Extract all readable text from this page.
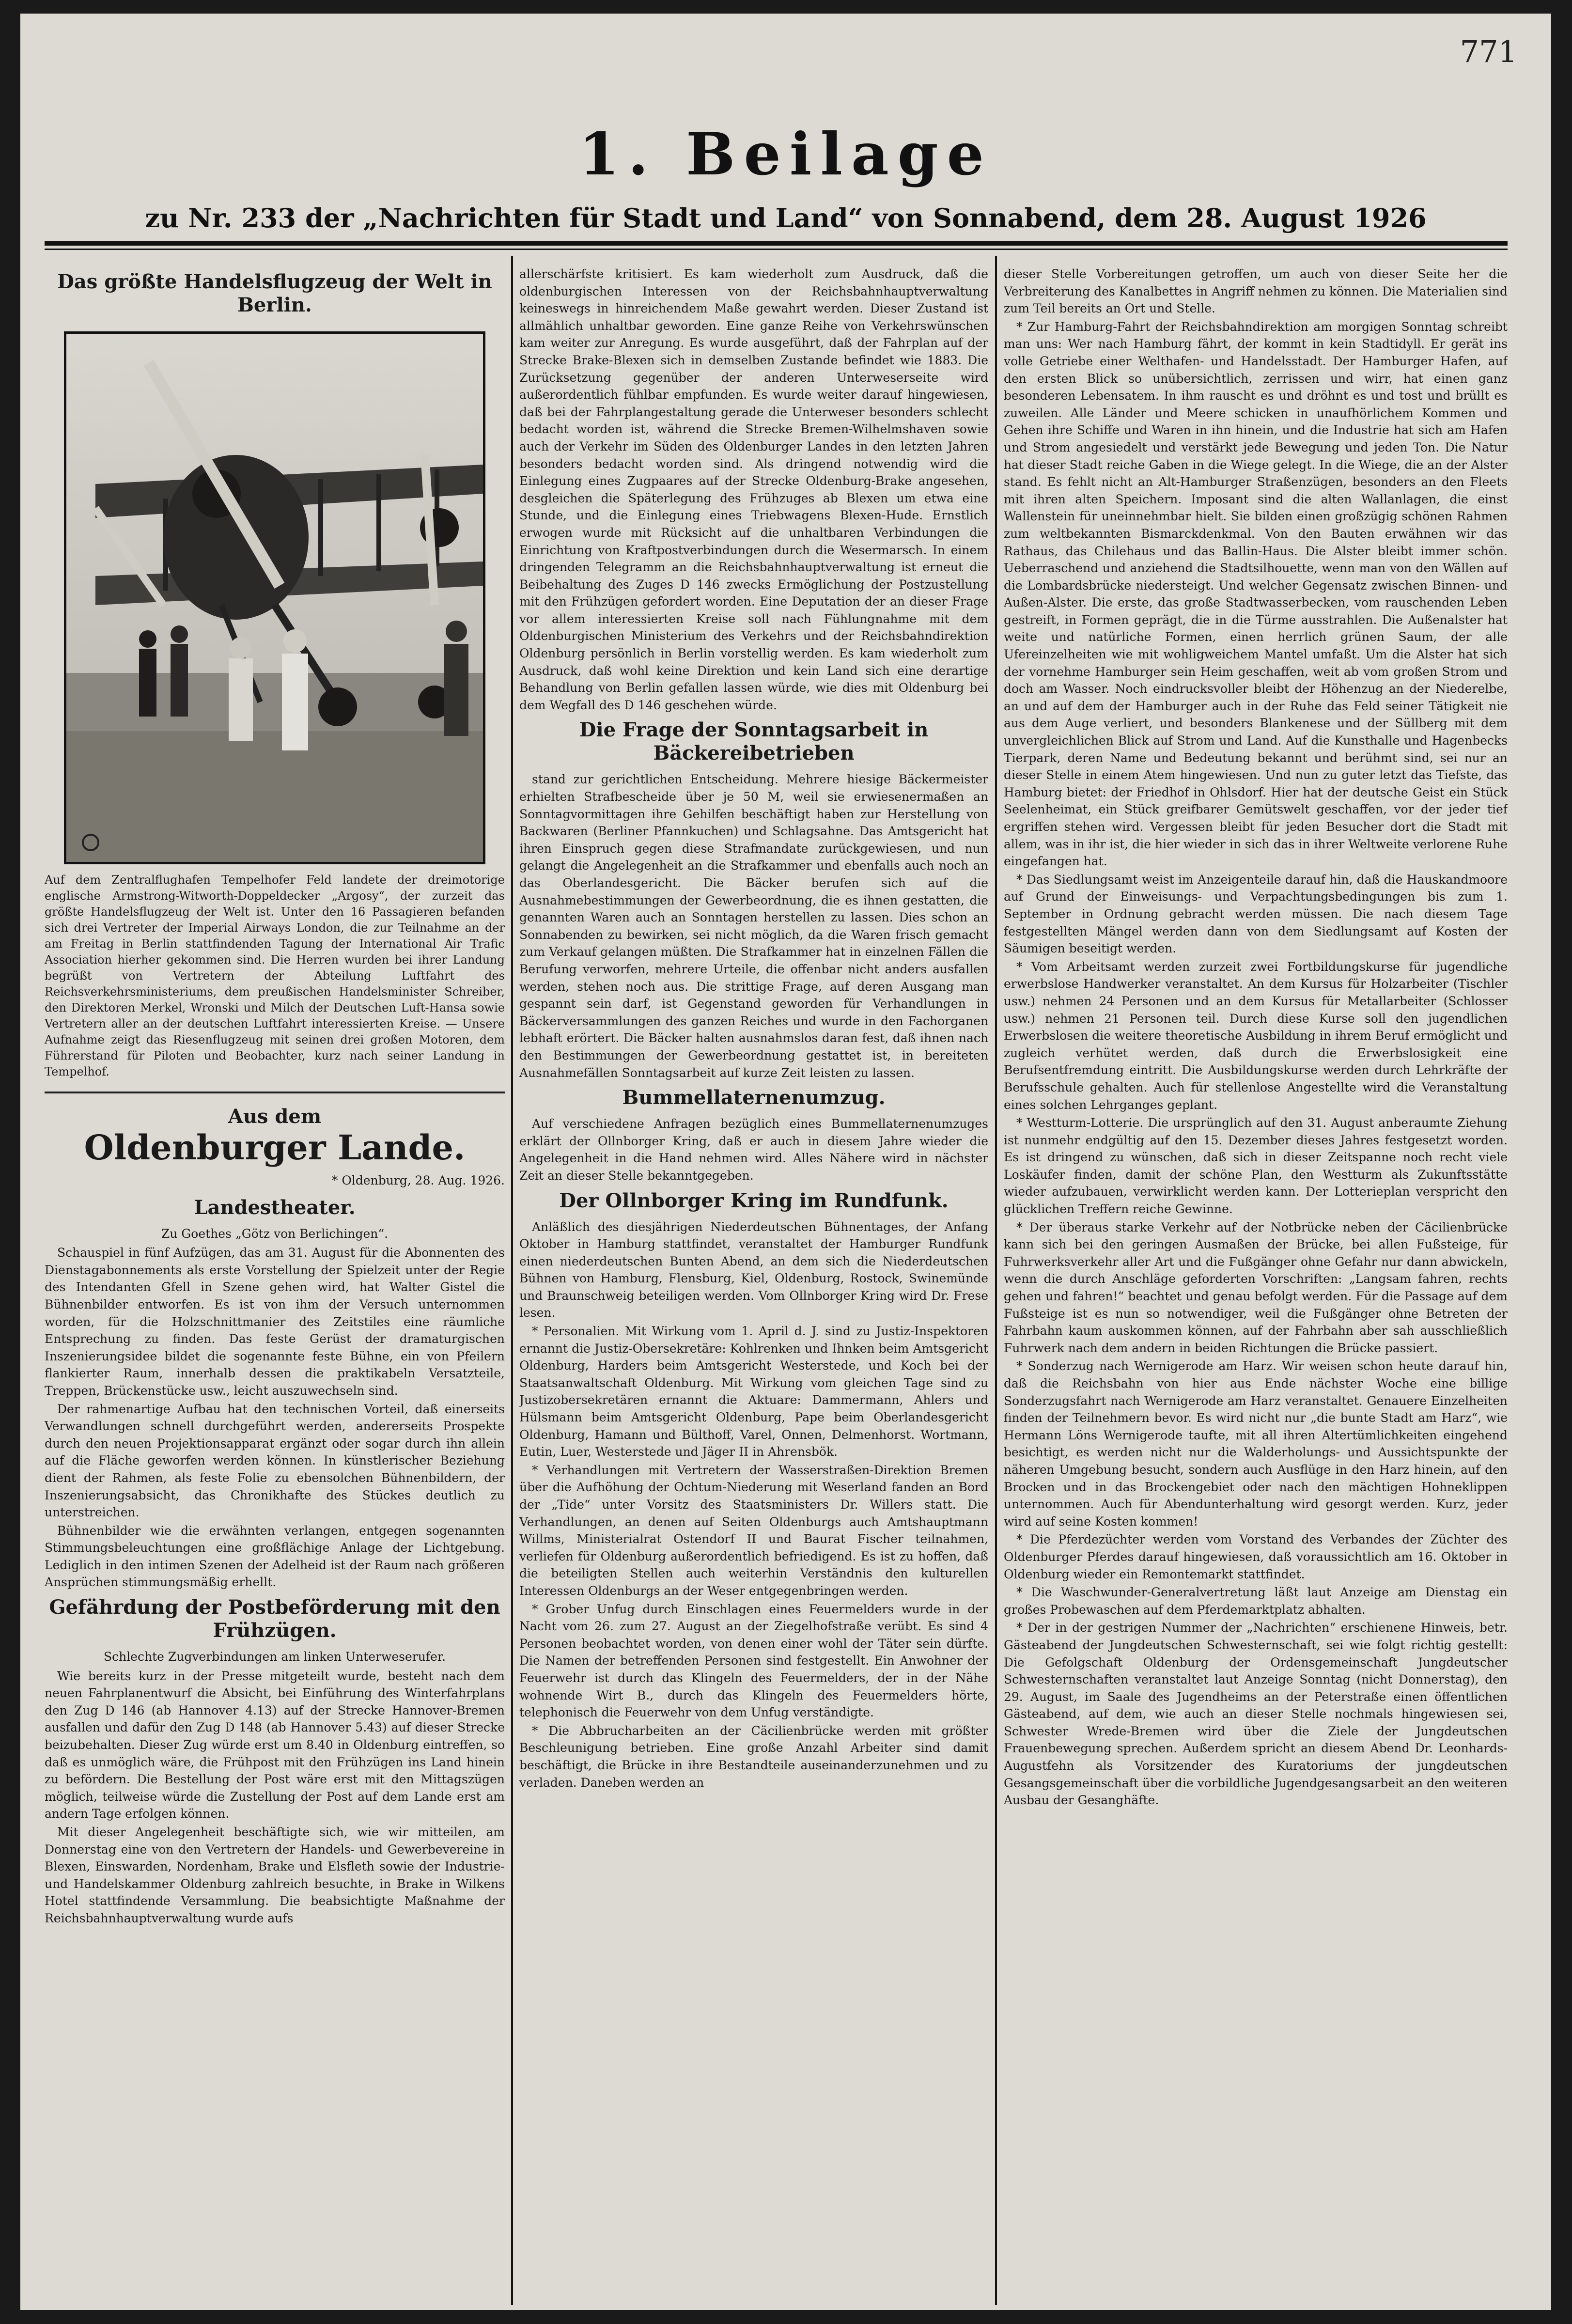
771
1. Beilage
zu Nr. 233 der „Nachrichten für Stadt und Land“ von Sonnabend, dem 28. August 1926
Das größte Handelsflugzeug der Welt in Berlin.

Auf dem Zentralflughafen Tempelhofer Feld landete der dreimotorige englische Armstrong-Witworth-Doppeldecker „Argosy“, der zurzeit das größte Handelsflugzeug der Welt ist. Unter den 16 Passagieren befanden sich drei Vertreter der Imperial Airways London, die zur Teilnahme an der am Freitag in Berlin stattfindenden Tagung der International Air Trafic Association hierher gekommen sind. Die Herren wurden bei ihrer Landung begrüßt von Vertretern der Abteilung Luftfahrt des Reichsverkehrsministeriums, dem preußischen Handelsminister Schreiber, den Direktoren Merkel, Wronski und Milch der Deutschen Luft-Hansa sowie Vertretern aller an der deutschen Luftfahrt interessierten Kreise. — Unsere Aufnahme zeigt das Riesenflugzeug mit seinen drei großen Motoren, dem Führerstand für Piloten und Beobachter, kurz nach seiner Landung in Tempelhof.

Aus dem
Oldenburger Lande.
* Oldenburg, 28. Aug. 1926.
Landestheater.
Zu Goethes „Götz von Berlichingen“.

Schauspiel in fünf Aufzügen, das am 31. August für die Abonnenten des Dienstagabonnements als erste Vorstellung der Spielzeit unter der Regie des Intendanten Gfell in Szene gehen wird, hat Walter Gistel die Bühnenbilder entworfen. Es ist von ihm der Versuch unternommen worden, für die Holzschnittmanier des Zeitstiles eine räumliche Entsprechung zu finden. Das feste Gerüst der dramaturgischen Inszenierungsidee bildet die sogenannte feste Bühne, ein von Pfeilern flankierter Raum, innerhalb dessen die praktikabeln Versatzteile, Treppen, Brückenstücke usw., leicht auszuwechseln sind.

Der rahmenartige Aufbau hat den technischen Vorteil, daß einerseits Verwandlungen schnell durchgeführt werden, andererseits Prospekte durch den neuen Projektionsapparat ergänzt oder sogar durch ihn allein auf die Fläche geworfen werden können. In künstlerischer Beziehung dient der Rahmen, als feste Folie zu ebensolchen Bühnenbildern, der Inszenierungsabsicht, das Chronikhafte des Stückes deutlich zu unterstreichen.

Bühnenbilder wie die erwähnten verlangen, entgegen sogenannten Stimmungsbeleuchtungen eine großflächige Anlage der Lichtgebung. Lediglich in den intimen Szenen der Adelheid ist der Raum nach größeren Ansprüchen stimmungsmäßig erhellt.

Gefährdung der Postbeförderung mit den Frühzügen.
Schlechte Zugverbindungen am linken Unterweserufer.

Wie bereits kurz in der Presse mitgeteilt wurde, besteht nach dem neuen Fahrplanentwurf die Absicht, bei Einführung des Winterfahrplans den Zug D 146 (ab Hannover 4.13) auf der Strecke Hannover-Bremen ausfallen und dafür den Zug D 148 (ab Hannover 5.43) auf dieser Strecke beizubehalten. Dieser Zug würde erst um 8.40 in Oldenburg eintreffen, so daß es unmöglich wäre, die Frühpost mit den Frühzügen ins Land hinein zu befördern. Die Bestellung der Post wäre erst mit den Mittagszügen möglich, teilweise würde die Zustellung der Post auf dem Lande erst am andern Tage erfolgen können.

Mit dieser Angelegenheit beschäftigte sich, wie wir mitteilen, am Donnerstag eine von den Vertretern der Handels- und Gewerbevereine in Blexen, Einswarden, Nordenham, Brake und Elsfleth sowie der Industrie- und Handelskammer Oldenburg zahlreich besuchte, in Brake in Wilkens Hotel stattfindende Versammlung. Die beabsichtigte Maßnahme der Reichsbahnhauptverwaltung wurde aufs

allerschärfste kritisiert. Es kam wiederholt zum Ausdruck, daß die oldenburgischen Interessen von der Reichsbahnhauptverwaltung keineswegs in hinreichendem Maße gewahrt werden. Dieser Zustand ist allmählich unhaltbar geworden. Eine ganze Reihe von Verkehrswünschen kam weiter zur Anregung. Es wurde ausgeführt, daß der Fahrplan auf der Strecke Brake-Blexen sich in demselben Zustande befindet wie 1883. Die Zurücksetzung gegenüber der anderen Unterweserseite wird außerordentlich fühlbar empfunden. Es wurde weiter darauf hingewiesen, daß bei der Fahrplangestaltung gerade die Unterweser besonders schlecht bedacht worden ist, während die Strecke Bremen-Wilhelmshaven sowie auch der Verkehr im Süden des Oldenburger Landes in den letzten Jahren besonders bedacht worden sind. Als dringend notwendig wird die Einlegung eines Zugpaares auf der Strecke Oldenburg-Brake angesehen, desgleichen die Späterlegung des Frühzuges ab Blexen um etwa eine Stunde, und die Einlegung eines Triebwagens Blexen-Hude. Ernstlich erwogen wurde mit Rücksicht auf die unhaltbaren Verbindungen die Einrichtung von Kraftpostverbindungen durch die Wesermarsch. In einem dringenden Telegramm an die Reichsbahnhauptverwaltung ist erneut die Beibehaltung des Zuges D 146 zwecks Ermöglichung der Postzustellung mit den Frühzügen gefordert worden. Eine Deputation der an dieser Frage vor allem interessierten Kreise soll nach Fühlungnahme mit dem Oldenburgischen Ministerium des Verkehrs und der Reichsbahndirektion Oldenburg persönlich in Berlin vorstellig werden. Es kam wiederholt zum Ausdruck, daß wohl keine Direktion und kein Land sich eine derartige Behandlung von Berlin gefallen lassen würde, wie dies mit Oldenburg bei dem Wegfall des D 146 geschehen würde.

Die Frage der Sonntagsarbeit in Bäckereibetrieben

stand zur gerichtlichen Entscheidung. Mehrere hiesige Bäckermeister erhielten Strafbescheide über je 50 M, weil sie erwiesenermaßen an Sonntagvormittagen ihre Gehilfen beschäftigt haben zur Herstellung von Backwaren (Berliner Pfannkuchen) und Schlagsahne. Das Amtsgericht hat ihren Einspruch gegen diese Strafmandate zurückgewiesen, und nun gelangt die Angelegenheit an die Strafkammer und ebenfalls auch noch an das Oberlandesgericht. Die Bäcker berufen sich auf die Ausnahmebestimmungen der Gewerbeordnung, die es ihnen gestatten, die genannten Waren auch an Sonntagen herstellen zu lassen. Dies schon an Sonnabenden zu bewirken, sei nicht möglich, da die Waren frisch gemacht zum Verkauf gelangen müßten. Die Strafkammer hat in einzelnen Fällen die Berufung verworfen, mehrere Urteile, die offenbar nicht anders ausfallen werden, stehen noch aus. Die strittige Frage, auf deren Ausgang man gespannt sein darf, ist Gegenstand geworden für Verhandlungen in Bäckerversammlungen des ganzen Reiches und wurde in den Fachorganen lebhaft erörtert. Die Bäcker halten ausnahmslos daran fest, daß ihnen nach den Bestimmungen der Gewerbeordnung gestattet ist, in bereiteten Ausnahmefällen Sonntagsarbeit auf kurze Zeit leisten zu lassen.

Bummellaternenumzug.

Auf verschiedene Anfragen bezüglich eines Bummellaternenumzuges erklärt der Ollnborger Kring, daß er auch in diesem Jahre wieder die Angelegenheit in die Hand nehmen wird. Alles Nähere wird in nächster Zeit an dieser Stelle bekanntgegeben.

Der Ollnborger Kring im Rundfunk.

Anläßlich des diesjährigen Niederdeutschen Bühnentages, der Anfang Oktober in Hamburg stattfindet, veranstaltet der Hamburger Rundfunk einen niederdeutschen Bunten Abend, an dem sich die Niederdeutschen Bühnen von Hamburg, Flensburg, Kiel, Oldenburg, Rostock, Swinemünde und Braunschweig beteiligen werden. Vom Ollnborger Kring wird Dr. Frese lesen.

* Personalien. Mit Wirkung vom 1. April d. J. sind zu Justiz-Inspektoren ernannt die Justiz-Obersekretäre: Kohlrenken und Ihnken beim Amtsgericht Oldenburg, Harders beim Amtsgericht Westerstede, und Koch bei der Staatsanwaltschaft Oldenburg. Mit Wirkung vom gleichen Tage sind zu Justizobersekretären ernannt die Aktuare: Dammermann, Ahlers und Hülsmann beim Amtsgericht Oldenburg, Pape beim Oberlandesgericht Oldenburg, Hamann und Bülthoff, Varel, Onnen, Delmenhorst. Wortmann, Eutin, Luer, Westerstede und Jäger II in Ahrensbök.

* Verhandlungen mit Vertretern der Wasserstraßen-Direktion Bremen über die Aufhöhung der Ochtum-Niederung mit Weserland fanden an Bord der „Tide“ unter Vorsitz des Staatsministers Dr. Willers statt. Die Verhandlungen, an denen auf Seiten Oldenburgs auch Amtshauptmann Willms, Ministerialrat Ostendorf II und Baurat Fischer teilnahmen, verliefen für Oldenburg außerordentlich befriedigend. Es ist zu hoffen, daß die beteiligten Stellen auch weiterhin Verständnis den kulturellen Interessen Oldenburgs an der Weser entgegenbringen werden.

* Grober Unfug durch Einschlagen eines Feuermelders wurde in der Nacht vom 26. zum 27. August an der Ziegelhofstraße verübt. Es sind 4 Personen beobachtet worden, von denen einer wohl der Täter sein dürfte. Die Namen der betreffenden Personen sind festgestellt. Ein Anwohner der Feuerwehr ist durch das Klingeln des Feuermelders, der in der Nähe wohnende Wirt B., durch das Klingeln des Feuermelders hörte, telephonisch die Feuerwehr von dem Unfug verständigte.

* Die Abbrucharbeiten an der Cäcilienbrücke werden mit größter Beschleunigung betrieben. Eine große Anzahl Arbeiter sind damit beschäftigt, die Brücke in ihre Bestandteile auseinanderzunehmen und zu verladen. Daneben werden an

dieser Stelle Vorbereitungen getroffen, um auch von dieser Seite her die Verbreiterung des Kanalbettes in Angriff nehmen zu können. Die Materialien sind zum Teil bereits an Ort und Stelle.

* Zur Hamburg-Fahrt der Reichsbahndirektion am morgigen Sonntag schreibt man uns: Wer nach Hamburg fährt, der kommt in kein Stadtidyll. Er gerät ins volle Getriebe einer Welthafen- und Handelsstadt. Der Hamburger Hafen, auf den ersten Blick so unübersichtlich, zerrissen und wirr, hat einen ganz besonderen Lebensatem. In ihm rauscht es und dröhnt es und tost und brüllt es zuweilen. Alle Länder und Meere schicken in unaufhörlichem Kommen und Gehen ihre Schiffe und Waren in ihn hinein, und die Industrie hat sich am Hafen und Strom angesiedelt und verstärkt jede Bewegung und jeden Ton. Die Natur hat dieser Stadt reiche Gaben in die Wiege gelegt. In die Wiege, die an der Alster stand. Es fehlt nicht an Alt-Hamburger Straßenzügen, besonders an den Fleets mit ihren alten Speichern. Imposant sind die alten Wallanlagen, die einst Wallenstein für uneinnehmbar hielt. Sie bilden einen großzügig schönen Rahmen zum weltbekannten Bismarckdenkmal. Von den Bauten erwähnen wir das Rathaus, das Chilehaus und das Ballin-Haus. Die Alster bleibt immer schön. Ueberraschend und anziehend die Stadtsilhouette, wenn man von den Wällen auf die Lombardsbrücke niedersteigt. Und welcher Gegensatz zwischen Binnen- und Außen-Alster. Die erste, das große Stadtwasserbecken, vom rauschenden Leben gestreift, in Formen geprägt, die in die Türme ausstrahlen. Die Außenalster hat weite und natürliche Formen, einen herrlich grünen Saum, der alle Ufereinzelheiten wie mit wohligweichem Mantel umfaßt. Um die Alster hat sich der vornehme Hamburger sein Heim geschaffen, weit ab vom großen Strom und doch am Wasser. Noch eindrucksvoller bleibt der Höhenzug an der Niederelbe, an und auf dem der Hamburger auch in der Ruhe das Feld seiner Tätigkeit nie aus dem Auge verliert, und besonders Blankenese und der Süllberg mit dem unvergleichlichen Blick auf Strom und Land. Auf die Kunsthalle und Hagenbecks Tierpark, deren Name und Bedeutung bekannt und berühmt sind, sei nur an dieser Stelle in einem Atem hingewiesen. Und nun zu guter letzt das Tiefste, das Hamburg bietet: der Friedhof in Ohlsdorf. Hier hat der deutsche Geist ein Stück Seelenheimat, ein Stück greifbarer Gemütswelt geschaffen, vor der jeder tief ergriffen stehen wird. Vergessen bleibt für jeden Besucher dort die Stadt mit allem, was in ihr ist, die hier wieder in sich das in ihrer Weltweite verlorene Ruhe eingefangen hat.

* Das Siedlungsamt weist im Anzeigenteile darauf hin, daß die Hauskandmoore auf Grund der Einweisungs- und Verpachtungsbedingungen bis zum 1. September in Ordnung gebracht werden müssen. Die nach diesem Tage festgestellten Mängel werden dann von dem Siedlungsamt auf Kosten der Säumigen beseitigt werden.

* Vom Arbeitsamt werden zurzeit zwei Fortbildungskurse für jugendliche erwerbslose Handwerker veranstaltet. An dem Kursus für Holzarbeiter (Tischler usw.) nehmen 24 Personen und an dem Kursus für Metallarbeiter (Schlosser usw.) nehmen 21 Personen teil. Durch diese Kurse soll den jugendlichen Erwerbslosen die weitere theoretische Ausbildung in ihrem Beruf ermöglicht und zugleich verhütet werden, daß durch die Erwerbslosigkeit eine Berufsentfremdung eintritt. Die Ausbildungskurse werden durch Lehrkräfte der Berufsschule gehalten. Auch für stellenlose Angestellte wird die Veranstaltung eines solchen Lehrganges geplant.

* Westturm-Lotterie. Die ursprünglich auf den 31. August anberaumte Ziehung ist nunmehr endgültig auf den 15. Dezember dieses Jahres festgesetzt worden. Es ist dringend zu wünschen, daß sich in dieser Zeitspanne noch recht viele Loskäufer finden, damit der schöne Plan, den Westturm als Zukunftsstätte wieder aufzubauen, verwirklicht werden kann. Der Lotterieplan verspricht den glücklichen Treffern reiche Gewinne.

* Der überaus starke Verkehr auf der Notbrücke neben der Cäcilienbrücke kann sich bei den geringen Ausmaßen der Brücke, bei allen Fußsteige, für Fuhrwerksverkehr aller Art und die Fußgänger ohne Gefahr nur dann abwickeln, wenn die durch Anschläge geforderten Vorschriften: „Langsam fahren, rechts gehen und fahren!“ beachtet und genau befolgt werden. Für die Passage auf dem Fußsteige ist es nun so notwendiger, weil die Fußgänger ohne Betreten der Fahrbahn kaum auskommen können, auf der Fahrbahn aber sah ausschließlich Fuhrwerk nach dem andern in beiden Richtungen die Brücke passiert.

* Sonderzug nach Wernigerode am Harz. Wir weisen schon heute darauf hin, daß die Reichsbahn von hier aus Ende nächster Woche eine billige Sonderzugsfahrt nach Wernigerode am Harz veranstaltet. Genauere Einzelheiten finden der Teilnehmern bevor. Es wird nicht nur „die bunte Stadt am Harz“, wie Hermann Löns Wernigerode taufte, mit all ihren Altertümlichkeiten eingehend besichtigt, es werden nicht nur die Walderholungs- und Aussichtspunkte der näheren Umgebung besucht, sondern auch Ausflüge in den Harz hinein, auf den Brocken und in das Brockengebiet oder nach den mächtigen Hohneklippen unternommen. Auch für Abendunterhaltung wird gesorgt werden. Kurz, jeder wird auf seine Kosten kommen!

* Die Pferdezüchter werden vom Vorstand des Verbandes der Züchter des Oldenburger Pferdes darauf hingewiesen, daß voraussichtlich am 16. Oktober in Oldenburg wieder ein Remontemarkt stattfindet.

* Die Waschwunder-Generalvertretung läßt laut Anzeige am Dienstag ein großes Probewaschen auf dem Pferdemarktplatz abhalten.

* Der in der gestrigen Nummer der „Nachrichten“ erschienene Hinweis, betr. Gästeabend der Jungdeutschen Schwesternschaft, sei wie folgt richtig gestellt: Die Gefolgschaft Oldenburg der Ordensgemeinschaft Jungdeutscher Schwesternschaften veranstaltet laut Anzeige Sonntag (nicht Donnerstag), den 29. August, im Saale des Jugendheims an der Peterstraße einen öffentlichen Gästeabend, auf dem, wie auch an dieser Stelle nochmals hingewiesen sei, Schwester Wrede-Bremen wird über die Ziele der Jungdeutschen Frauenbewegung sprechen. Außerdem spricht an diesem Abend Dr. Leonhards-Augustfehn als Vorsitzender des Kuratoriums der jungdeutschen Gesangsgemeinschaft über die vorbildliche Jugendgesangsarbeit an den weiteren Ausbau der Gesanghäfte.
